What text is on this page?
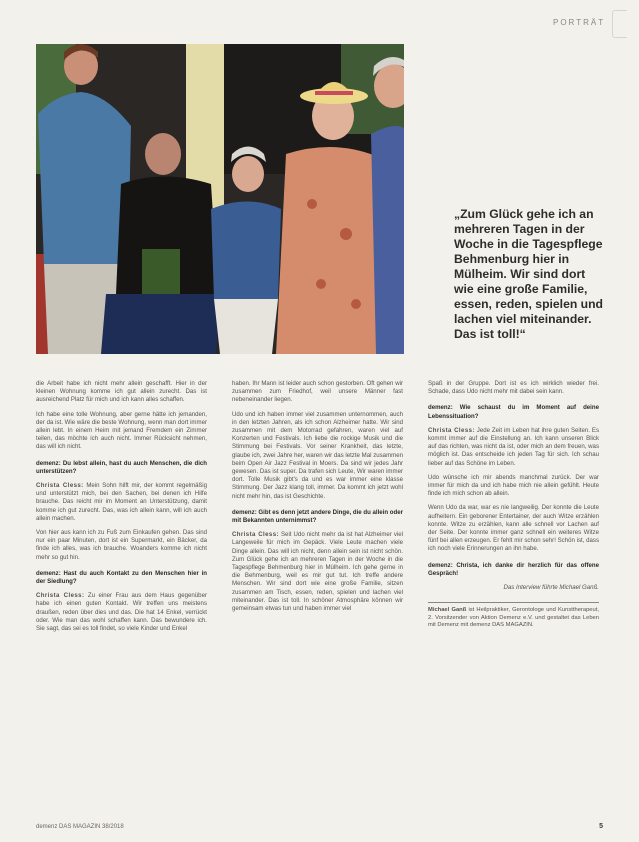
PORTRÄT
„Zum Glück gehe ich an mehreren Tagen in der Woche in die Tagespflege Behmenburg hier in Mülheim. Wir sind dort wie eine große Familie, essen, reden, spielen und lachen viel miteinander. Das ist toll!“

die Arbeit habe ich nicht mehr allein geschafft. Hier in der kleinen Wohnung komme ich gut allein zurecht. Das ist ausreichend Platz für mich und ich kann alles schaffen.

Ich habe eine tolle Wohnung, aber gerne hätte ich jemanden, der da ist. Wie wäre die beste Wohnung, wenn man dort immer allein lebt. In einem Heim mit jemand Fremdem ein Zimmer teilen, das möchte ich auch nicht. Immer Rücksicht nehmen, das will ich nicht.

demenz: Du lebst allein, hast du auch Menschen, die dich unterstützen?

Christa Cless: Mein Sohn hilft mir, der kommt regelmäßig und unterstützt mich, bei den Sachen, bei denen ich Hilfe brauche. Das reicht mir im Moment an Unterstützung, damit komme ich gut zurecht. Das, was ich allein kann, will ich auch allein machen.

Von hier aus kann ich zu Fuß zum Einkaufen gehen. Das sind nur ein paar Minuten, dort ist ein Supermarkt, ein Bäcker, da finde ich alles, was ich brauche. Woanders komme ich nicht mehr so gut hin.

demenz: Hast du auch Kontakt zu den Menschen hier in der Siedlung?

Christa Cless: Zu einer Frau aus dem Haus gegenüber habe ich einen guten Kontakt. Wir treffen uns meistens draußen, reden über dies und das. Die hat 14 Enkel, verrückt oder. Wie man das wohl schaffen kann. Das bewundere ich. Sie sagt, das sei es toll findet, so viele Kinder und Enkel

haben. Ihr Mann ist leider auch schon gestorben. Oft gehen wir zusammen zum Friedhof, weil unsere Männer fast nebeneinander liegen.

Udo und ich haben immer viel zusammen unternommen, auch in den letzten Jahren, als ich schon Alzheimer hatte. Wir sind zusammen mit dem Motorrad gefahren, waren viel auf Konzerten und Festivals. Ich liebe die rockige Musik und die Stimmung bei Festivals. Vor seiner Krankheit, das letzte, glaube ich, zwei Jahre her, waren wir das letzte Mal zusammen beim Open Air Jazz Festival in Moers. Da sind wir jedes Jahr gewesen. Das ist super. Da trafen sich Leute, Wir waren immer dort. Tolle Musik gibt's da und es war immer eine klasse Stimmung. Der Jazz klang toll, immer. Da kommt ich jetzt wohl nicht mehr hin, das ist Geschichte.

demenz: Gibt es denn jetzt andere Dinge, die du allein oder mit Bekannten unternimmst?

Christa Cless: Seit Udo nicht mehr da ist hat Alzheimer viel Langeweile für mich im Gepäck. Viele Leute machen viele Dinge allein. Das will ich nicht, denn allein sein ist nicht schön. Zum Glück gehe ich an mehreren Tagen in der Woche in die Tagespflege Behmenburg hier in Mülheim. Ich gehe gerne in die Behmenburg, weil es mir gut tut. Ich treffe andere Menschen. Wir sind dort wie eine große Familie, sitzen zusammen am Tisch, essen, reden, spielen und lachen viel miteinander. Das ist toll. In schöner Atmosphäre können wir gemeinsam etwas tun und haben immer viel

Spaß in der Gruppe. Dort ist es ich wirklich wieder frei. Schade, dass Udo nicht mehr mit dabei sein kann.

demenz: Wie schaust du im Moment auf deine Lebenssituation?

Christa Cless: Jede Zeit im Leben hat ihre guten Seiten. Es kommt immer auf die Einstellung an. Ich kann unseren Blick auf das richten, was nicht da ist, oder mich an dem freuen, was möglich ist. Das entscheide ich jeden Tag für sich. Ich schau lieber auf das Schöne im Leben.

Udo wünsche ich mir abends manchmal zurück. Der war immer für mich da und ich habe mich nie allein gefühlt. Heute finde ich mich schon ab allein.

Wenn Udo da war, war es nie langweilig. Der konnte die Leute aufheitern. Ein geborener Entertainer, der auch Witze erzählen konnte. Witze zu erzählen, kann alle schnell vor Lachen auf der Seite. Der konnte immer ganz schnell ein weiteres Witze fünf bei allen erzeugen. Er fehlt mir schon sehr! Schön ist, dass ich noch viele Erinnerungen an ihn habe.

demenz: Christa, ich danke dir herzlich für das offene Gespräch!

Das Interview führte Michael Ganß.

Michael Ganß ist Heilpraktiker, Gerontologe und Kunsttherapeut, 2. Vorsitzender von Aktion Demenz e.V. und gestaltet das Leben mit Demenz mit demenz DAS MAGAZIN.

demenz DAS MAGAZIN 38/2018	5
